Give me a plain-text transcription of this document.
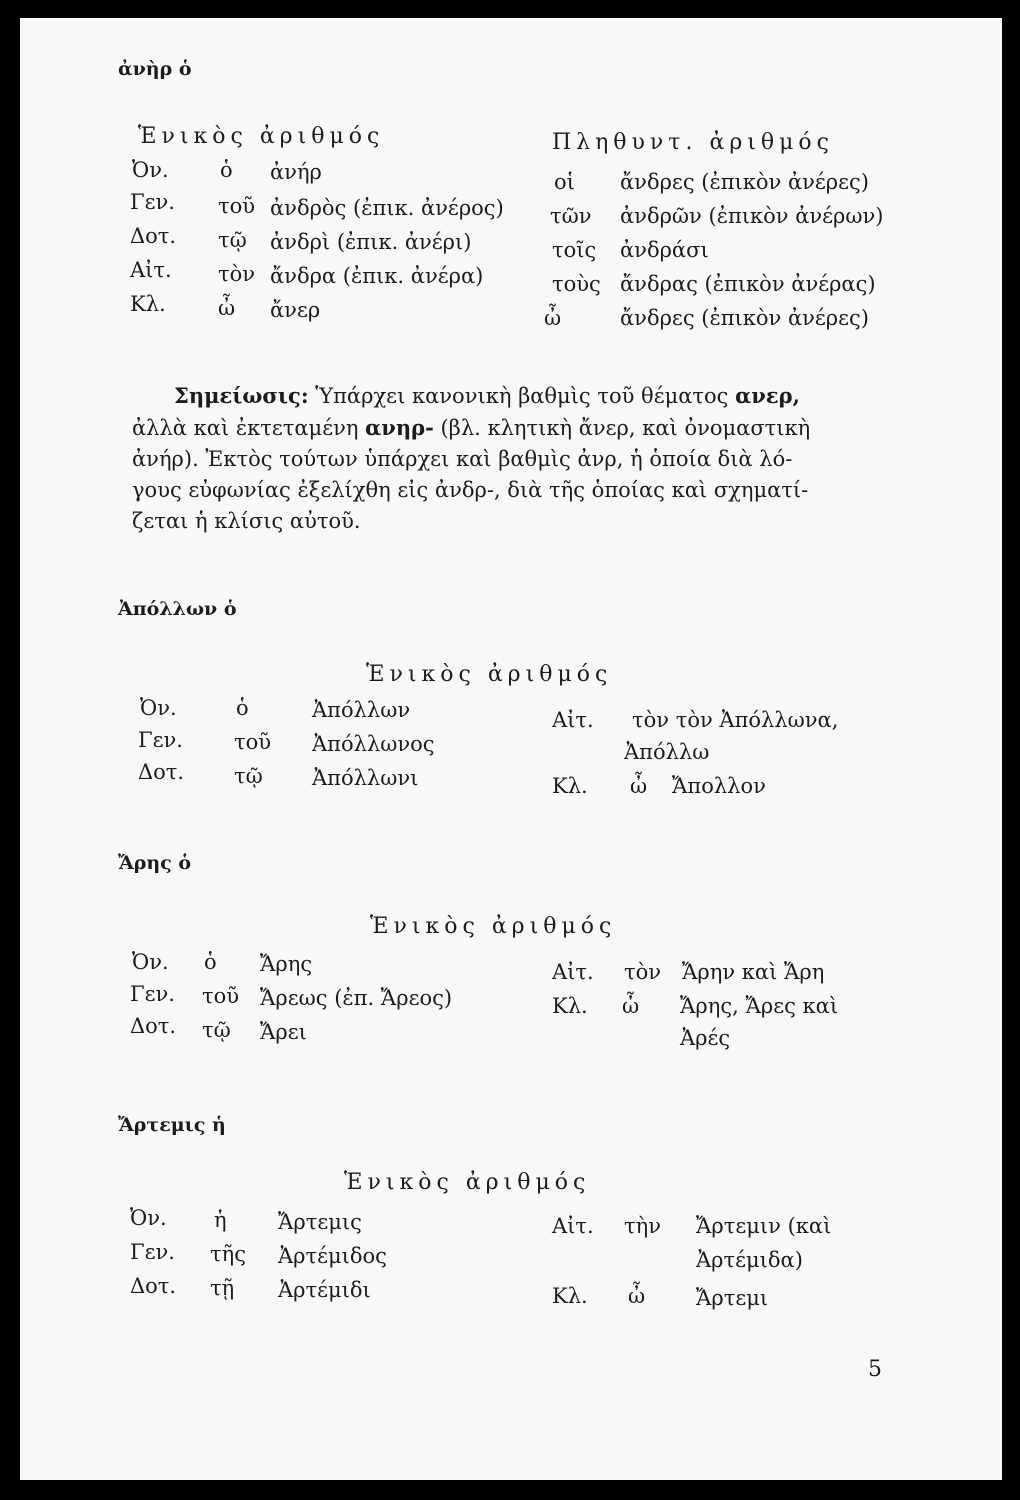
ἀνὴρ ὁ
Ἑνικὸς ἀριθμός	Πληθυντ. ἀριθμός
Ὀν. ὁ ἀνήρ
Γεν. τοῦ ἀνδρὸς (ἐπικ. ἀνέρος)
Δοτ. τῷ ἀνδρὶ (ἐπικ. ἀνέρι)
Αἰτ. τὸν ἄνδρα (ἐπικ. ἀνέρα)
Κλ. ὦ ἄνερ
οἱ ἄνδρες (ἐπικὸν ἀνέρες)
τῶν ἀνδρῶν (ἐπικὸν ἀνέρων)
τοῖς ἀνδράσι
τοὺς ἄνδρας (ἐπικὸν ἀνέρας)
ὦ	ἄνδρες (ἐπικὸν ἀνέρες)
Σημείωσις: Ὑπάρχει κανονικὴ βαθμὶς τοῦ θέματος ανερ,
ἀλλὰ καὶ ἐκτεταμένη ανηρ- (βλ. κλητικὴ ἄνερ, καὶ ὀνομαστικὴ
ἀνήρ). Ἐκτὸς τούτων ὑπάρχει καὶ βαθμὶς ἀνρ, ἡ ὁποία διὰ λό-
γους εὐφωνίας ἐξελίχθη εἰς ἀνδρ-, διὰ τῆς ὁποίας καὶ σχηματί-
ζεται ἡ κλίσις αὐτοῦ.
Ἀπόλλων ὁ
Ἑνικὸς ἀριθμός
Ὀν.	ὁ	Ἀπόλλων
Γεν. τοῦ Ἀπόλλωνος
Δοτ. τῷ Ἀπόλλωνι
Αἰτ. τὸν τὸν Ἀπόλλωνα,
Ἀπόλλω
Κλ. ὦ Ἄπολλον
Ἄρης ὁ
Ἑνικὸς ἀριθμός
Ὀν. ὁ Ἄρης
Γεν. τοῦ Ἄρεως (ἐπ. Ἄρεος)
Δοτ. τῷ Ἄρει
Αἰτ. τὸν Ἄρην καὶ Ἄρη
Κλ. ὦ Ἄρης, Ἄρες καὶ
Ἀρές
Ἄρτεμις ἡ
Ἑνικὸς ἀριθμός
Ὀν. ἡ Ἄρτεμις
Γεν. τῆς Ἀρτέμιδος
Δοτ. τῇ Ἀρτέμιδι
Αἰτ. τὴν Ἄρτεμιν (καὶ
Ἀρτέμιδα)
Κλ. ὦ Ἄρτεμι
5
